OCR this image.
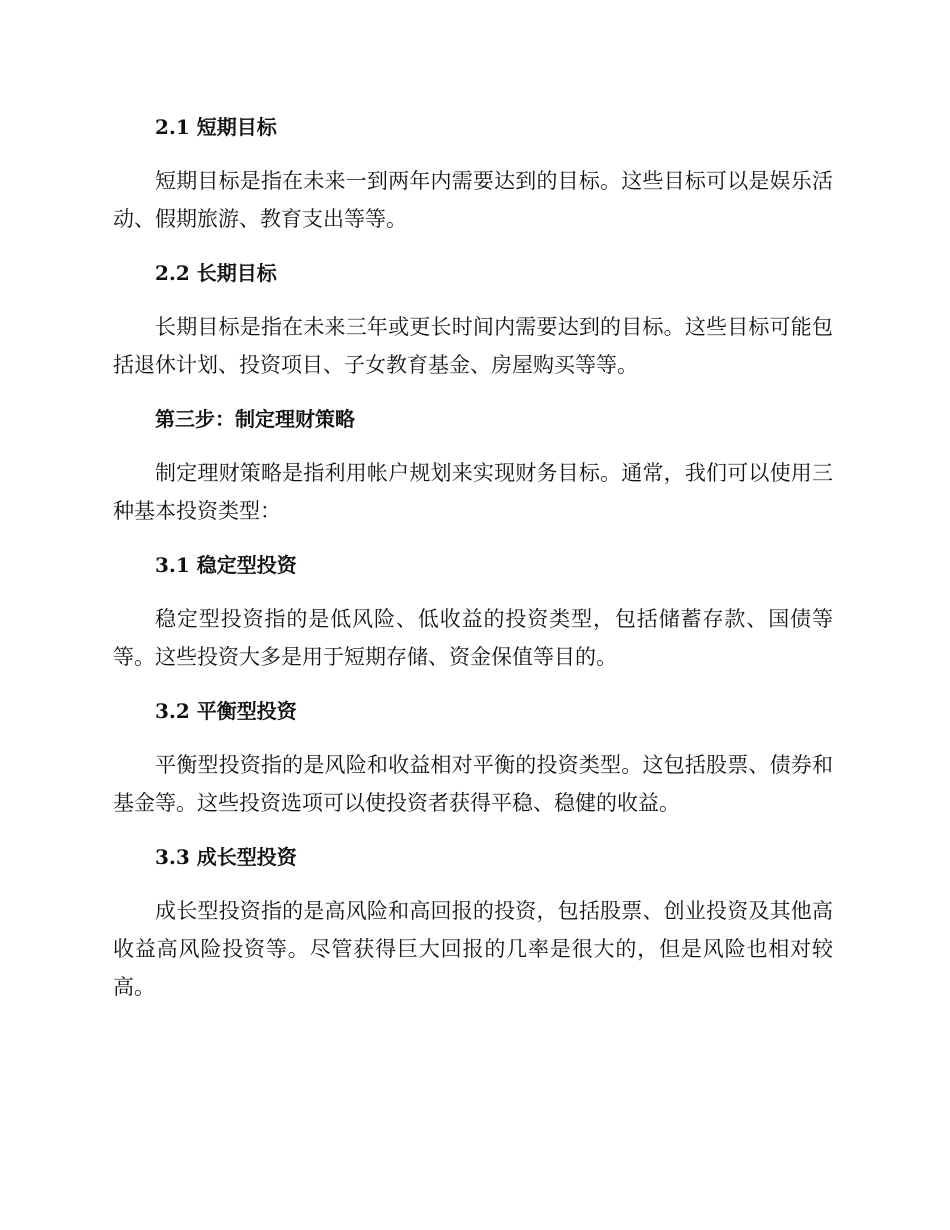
2.1 短期目标

短期目标是指在未来一到两年内需要达到的目标。这些目标可以是娱乐活动、假期旅游、教育支出等等。

2.2 长期目标

长期目标是指在未来三年或更长时间内需要达到的目标。这些目标可能包括退休计划、投资项目、子女教育基金、房屋购买等等。

第三步：制定理财策略

制定理财策略是指利用帐户规划来实现财务目标。通常，我们可以使用三种基本投资类型：

3.1 稳定型投资

稳定型投资指的是低风险、低收益的投资类型，包括储蓄存款、国债等等。这些投资大多是用于短期存储、资金保值等目的。

3.2 平衡型投资

平衡型投资指的是风险和收益相对平衡的投资类型。这包括股票、债券和基金等。这些投资选项可以使投资者获得平稳、稳健的收益。

3.3 成长型投资

成长型投资指的是高风险和高回报的投资，包括股票、创业投资及其他高收益高风险投资等。尽管获得巨大回报的几率是很大的，但是风险也相对较高。
